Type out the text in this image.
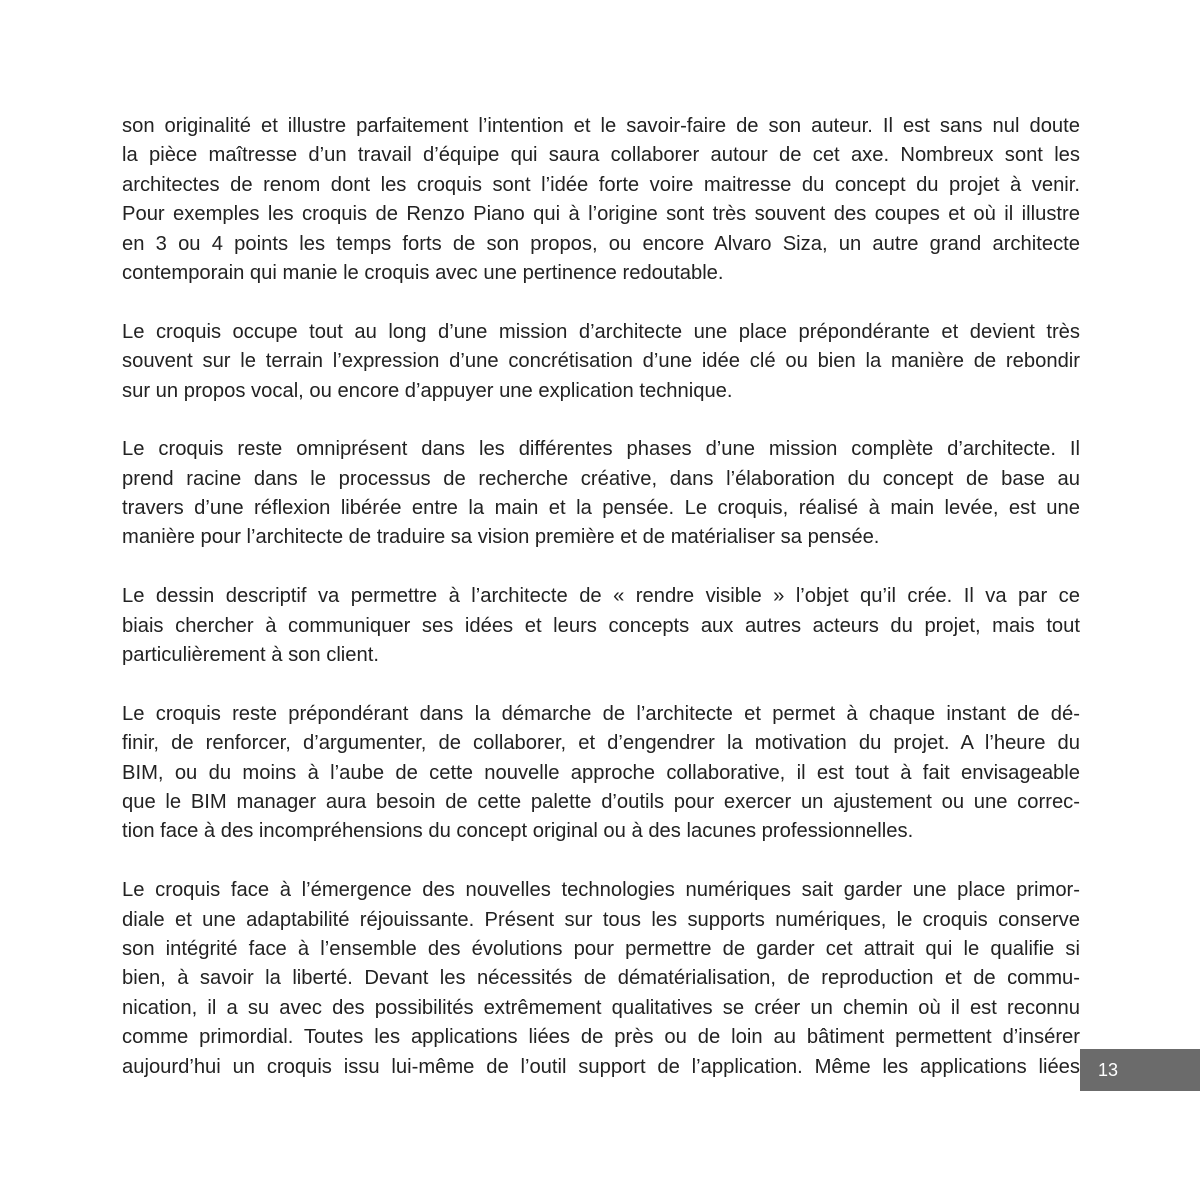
son originalité et illustre parfaitement l’intention et le savoir-faire de son auteur. Il est sans nul doute
la pièce maîtresse d’un travail d’équipe qui saura collaborer autour de cet axe. Nombreux sont les
architectes de renom dont les croquis sont l’idée forte voire maitresse du concept du projet à venir.
Pour exemples les croquis de Renzo Piano qui à l’origine sont très souvent des coupes et où il illustre
en 3 ou 4 points les temps forts de son propos, ou encore Alvaro Siza, un autre grand architecte
contemporain qui manie le croquis avec une pertinence redoutable.
Le croquis occupe tout au long d’une mission d’architecte une place prépondérante et devient très
souvent sur le terrain l’expression d’une concrétisation d’une idée clé ou bien la manière de rebondir
sur un propos vocal, ou encore d’appuyer une explication technique.
Le croquis reste omniprésent dans les différentes phases d’une mission complète d’architecte. Il
prend racine dans le processus de recherche créative, dans l’élaboration du concept de base au
travers d’une réflexion libérée entre la main et la pensée. Le croquis, réalisé à main levée, est une
manière pour l’architecte de traduire sa vision première et de matérialiser sa pensée.
Le dessin descriptif va permettre à l’architecte de « rendre visible » l’objet qu’il crée. Il va par ce
biais chercher à communiquer ses idées et leurs concepts aux autres acteurs du projet, mais tout
particulièrement à son client.
Le croquis reste prépondérant dans la démarche de l’architecte et permet à chaque instant de dé-
finir, de renforcer, d’argumenter, de collaborer, et d’engendrer la motivation du projet. A l’heure du
BIM, ou du moins à l’aube de cette nouvelle approche collaborative, il est tout à fait envisageable
que le BIM manager aura besoin de cette palette d’outils pour exercer un ajustement ou une correc-
tion face à des incompréhensions du concept original ou à des lacunes professionnelles.
Le croquis face à l’émergence des nouvelles technologies numériques sait garder une place primor-
diale et une adaptabilité réjouissante. Présent sur tous les supports numériques, le croquis conserve
son intégrité face à l’ensemble des évolutions pour permettre de garder cet attrait qui le qualifie si
bien, à savoir la liberté. Devant les nécessités de dématérialisation, de reproduction et de commu-
nication, il a su avec des possibilités extrêmement qualitatives se créer un chemin où il est reconnu
comme primordial. Toutes les applications liées de près ou de loin au bâtiment permettent d’insérer
aujourd’hui un croquis issu lui-même de l’outil support de l’application. Même les applications liées 13
